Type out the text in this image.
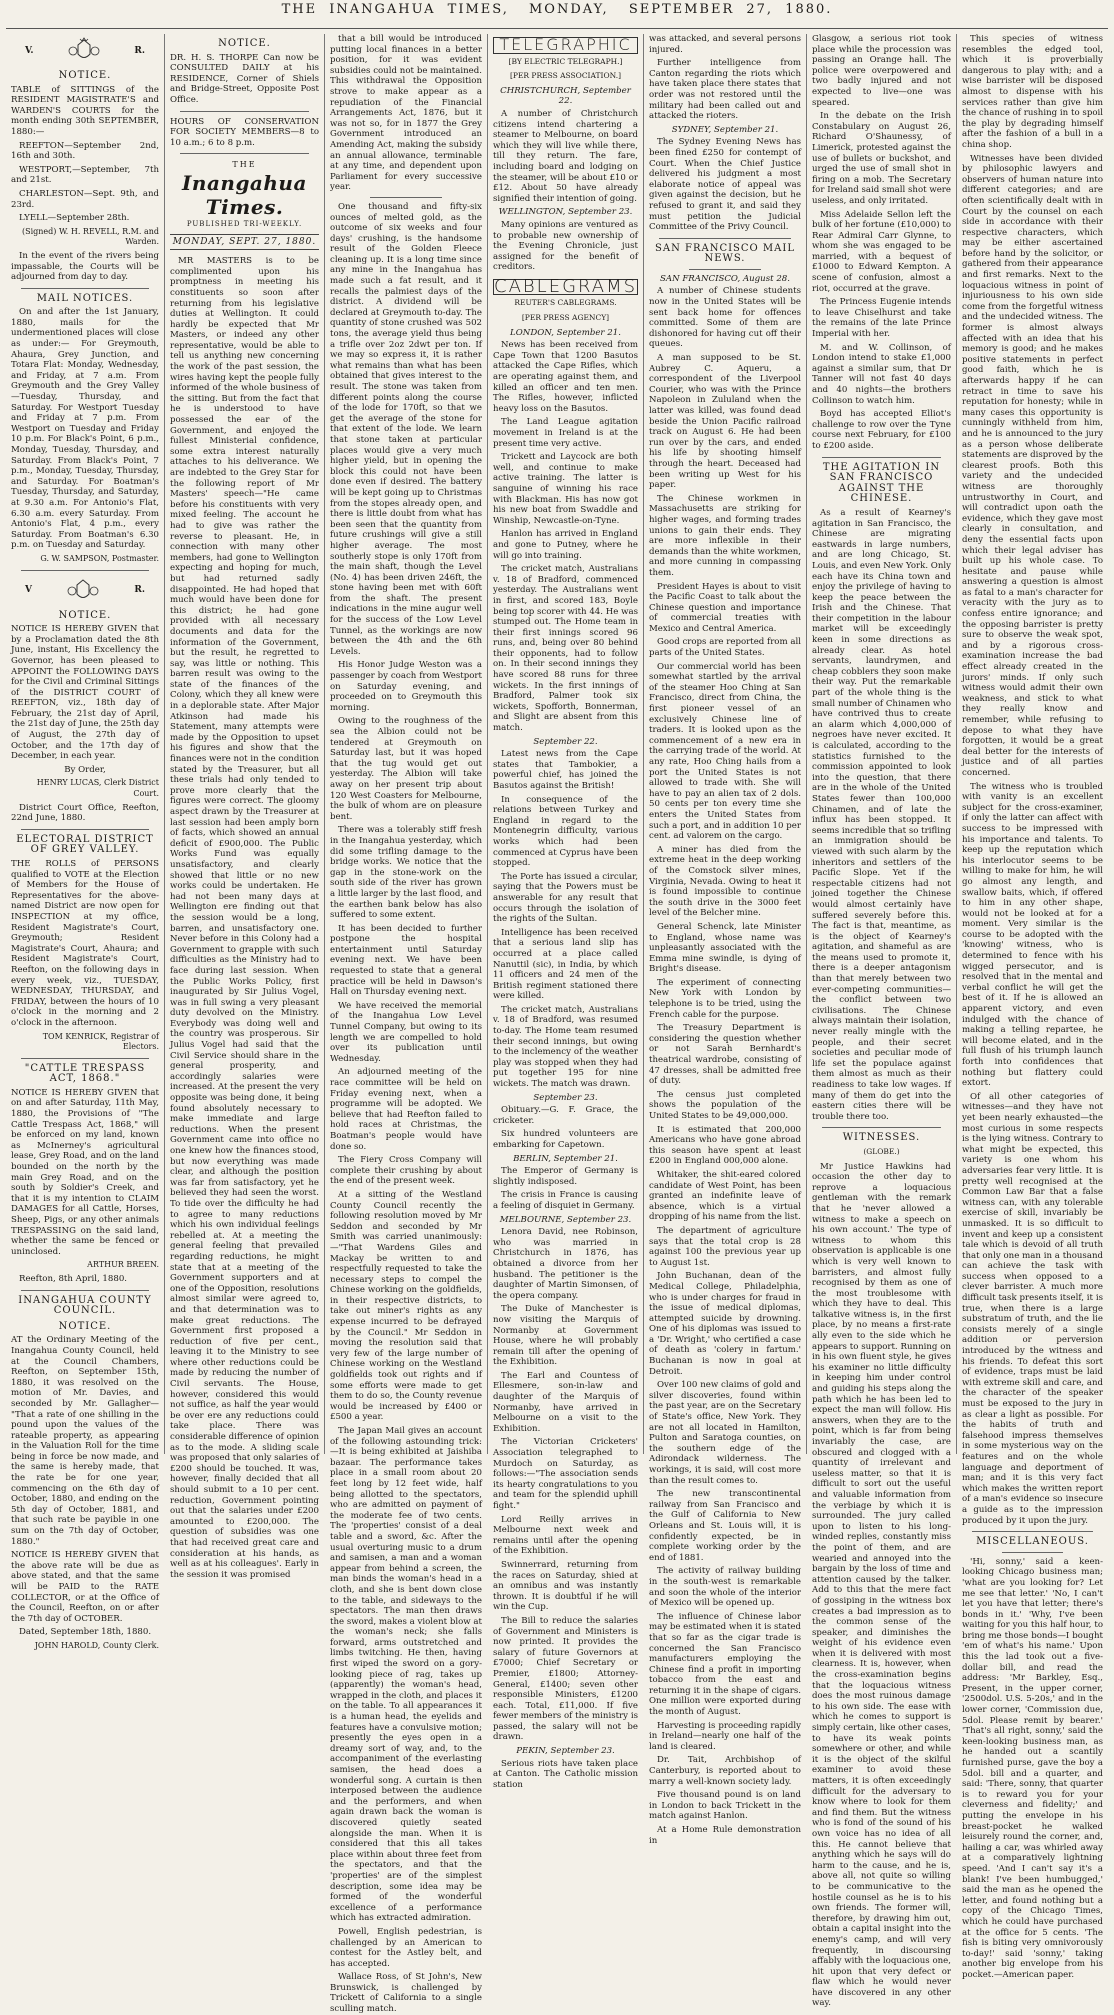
THE INANGAHUA TIMES, MONDAY, SEPTEMBER 27, 1880.
V.	R.
NOTICE.

TABLE of SITTINGS of the RESIDENT MAGISTRATE'S and WARDEN'S COURTS for the month ending 30th SEPTEMBER, 1880:—

REEFTON—September 2nd, 16th and 30th.

WESTPORT,—September, 7th and 21st.

CHARLESTON—Sept. 9th, and 23rd.

LYELL—September 28th.

(Signed) W. H. REVELL, R.M. and Warden.

In the event of the rivers being impassable, the Courts will be adjourned from day to day.

MAIL NOTICES.

On and after the 1st January, 1880, mails for the undermentioned places will close as under:— For Greymouth, Ahaura, Grey Junction, and Totara Flat: Monday, Wednesday, and Friday, at 7 a.m. From Greymouth and the Grey Valley —Tuesday, Thursday, and Saturday. For Westport Tuesday and Friday at 7 p.m. From Westport on Tuesday and Friday 10 p.m. For Black's Point, 6 p.m., Monday, Tuesday, Thursday, and Saturday. From Black's Point, 7 p.m., Monday, Tuesday, Thursday, and Saturday. For Boatman's Tuesday, Thursday, and Saturday, at 9.30 a.m. For Antonio's Flat, 6.30 a.m. every Saturday. From Antonio's Flat, 4 p.m., every Saturday. From Boatman's 6.30 p.m. on Tuesday and Saturday.

G. W. SAMPSON, Postmaster.

V	R.
NOTICE.

NOTICE IS HEREBY GIVEN that by a Proclamation dated the 8th June, instant, His Excellency the Governor, has been pleased to APPOINT the FOLLOWING DAYS for the Civil and Criminal Sittings of the DISTRICT COURT of REEFTON, viz., 18th day of February, the 21st day of April, the 21st day of June, the 25th day of August, the 27th day of October, and the 17th day of December, in each year.

By Order,

HENRY LUCAS, Clerk District Court.

District Court Office, Reefton, 22nd June, 1880.

ELECTORAL DISTRICT OF GREY VALLEY.

THE ROLLS of PERSONS qualified to VOTE at the Election of Members for the House of Representatives for the above-named District are now open for INSPECTION at my office, Resident Magistrate's Court, Greymouth; Resident Magistrate's Court, Ahaura; and Resident Magistrate's Court, Reefton, on the following days in every week, viz., TUESDAY, WEDNESDAY, THURSDAY, and FRIDAY, between the hours of 10 o'clock in the morning and 2 o'clock in the afternoon.

TOM KENRICK, Registrar of Electors.

"CATTLE TRESPASS ACT, 1868."

NOTICE IS HEREBY GIVEN that on and after Saturday, 11th May, 1880, the Provisions of "The Cattle Trespass Act, 1868," will be enforced on my land, known as McInerney's agricultural lease, Grey Road, and on the land bounded on the north by the main Grey Road, and on the south by Soldier's Creek, and that it is my intention to CLAIM DAMAGES for all Cattle, Horses, Sheep, Pigs, or any other animals TRESPASSING on the said land, whether the same be fenced or uninclosed.

ARTHUR BREEN.

Reefton, 8th April, 1880.

INANGAHUA COUNTY COUNCIL.
NOTICE.

AT the Ordinary Meeting of the Inangahua County Council, held at the Council Chambers, Reefton, on September 15th, 1880, it was resolved on the motion of Mr. Davies, and seconded by Mr. Gallagher— "That a rate of one shilling in the pound upon the values of the rateable property, as appearing in the Valuation Roll for the time being in force be now made, and the same is hereby made, that the rate be for one year, commencing on the 6th day of October, 1880, and ending on the 5th day of October, 1881, and that such rate be payible in one sum on the 7th day of October, 1880."

NOTICE IS HEREBY GIVEN that the above rate will be due as above stated, and that the same will be PAID to the RATE COLLECTOR, or at the Office of the Council, Reefton, on or after the 7th day of OCTOBER.

Dated, September 18th, 1880.

JOHN HAROLD, County Clerk.

NOTICE.

DR. H. S. THORPE Can now be CONSULTED DAILY at his RESIDENCE, Corner of Shiels and Bridge-Street, Opposite Post Office.

HOURS OF CONSERVATION FOR SOCIETY MEMBERS—8 to 10 a.m.; 6 to 8 p.m.

THE
Inangahua Times.
PUBLISHED TRI-WEEKLY.
MONDAY, SEPT. 27, 1880.

MR MASTERS is to be complimented upon his promptness in meeting his constituents so soon after returning from his legislative duties at Wellington. It could hardly be expected that Mr Masters, or indeed any other representative, would be able to tell us anything new concerning the work of the past session, the wires having kept the people fully informed of the whole business of the sitting. But from the fact that he is understood to have possessed the ear of the Government, and enjoyed the fullest Ministerial confidence, some extra interest naturally attaches to his deliverance. We are indebted to the Grey Star for the following report of Mr Masters' speech—"He came before his constituents with very mixed feeling. The account he had to give was rather the reverse to pleasant. He, in connection with many other members, had gone to Wellington expecting and hoping for much, but had returned sadly disappointed. He had hoped that much would have been done for this district; he had gone provided with all necessary documents and data for the information of the Government, but the result, he regretted to say, was little or nothing. This barren result was owing to the state of the finances of the Colony, which they all knew were in a deplorable state. After Major Atkinson had made his Statement, many attempts were made by the Opposition to upset his figures and show that the finances were not in the condition stated by the Treasurer, but all these trials had only tended to prove more clearly that the figures were correct. The gloomy aspect drawn by the Treasurer at last session had been amply born of facts, which showed an annual deficit of £900,000. The Public Works Fund was equally unsatisfactory, and clearly showed that little or no new works could be undertaken. He had not been many days at Wellington ere finding out that the session would be a long, barren, and unsatisfactory one. Never before in this Colony had a Government to grapple with such difficulties as the Ministry had to face during last session. When the Public Works Policy, first inaugurated by Sir Julius Vogel, was in full swing a very pleasant duty devolved on the Ministry. Everybody was doing well and the country was prosperous. Sir Julius Vogel had said that the Civil Service should share in the general prosperity, and accordingly salaries were increased. At the present the very opposite was being done, it being found absolutely necessary to make immediate and large reductions. When the present Government came into office no one knew how the finances stood, but now everything was made clear, and although the position was far from satisfactory, yet he believed they had seen the worst. To tide over the difficulty he had to agree to many reductions which his own individual feelings rebelled at. At a meeting the general feeling that prevailed regarding reductions, he might state that at a meeting of the Government supporters and at one of the Opposition, resolutions almost similar were agreed to, and that determination was to make great reductions. The Government first proposed a reduction of five per cent., leaving it to the Ministry to see where other reductions could be made by reducing the number of Civil servants. The House, however, considered this would not suffice, as half the year would be over ere any reductions could take place. There was considerable difference of opinion as to the mode. A sliding scale was proposed that only salaries of £200 should be touched. It was, however, finally decided that all should submit to a 10 per cent. reduction, Government pointing out that the salaries under £200 amounted to £200,000. The question of subsidies was one that had received great care and consideration at his hands, as well as at his colleagues'. Early in the session it was promised

that a bill would be introduced putting local finances in a better position, for it was evident subsidies could not be maintained. This withdrawal the Opposition strove to make appear as a repudiation of the Financial Arrangements Act, 1876, but it was not so, for in 1877 the Grey Government introduced an Amending Act, making the subsidy an annual allowance, terminable at any time, and dependent upon Parliament for every successive year.

One thousand and fifty-six ounces of melted gold, as the outcome of six weeks and four days' crushing, is the handsome result of the Golden Fleece cleaning up. It is a long time since any mine in the Inangahua has made such a fat result, and it recalls the palmiest days of the district. A dividend will be declared at Greymouth to-day. The quantity of stone crushed was 502 tons, the average yield thus being a trifle over 2oz 2dwt per ton. If we may so express it, it is rather what remains than what has been obtained that gives interest to the result. The stone was taken from different points along the course of the lode for 170ft, so that we get the average of the stone for that extent of the lode. We learn that stone taken at particular places would give a very much higher yield, but in opening the block this could not have been done even if desired. The battery will be kept going up to Christmas from the stopes already open, and there is little doubt from what has been seen that the quantity from future crushings will give a still higher average. The most southerly stope is only 170ft from the main shaft, though the Level (No. 4) has been driven 246ft, the stone having been met with 60ft from the shaft. The present indications in the mine augur well for the success of the Low Level Tunnel, as the workings are now between the 4th and the 6th Levels.

His Honor Judge Weston was a passenger by coach from Westport on Saturday evening, and proceeded on to Greymouth this morning.

Owing to the roughness of the sea the Albion could not be tendered at Greymouth on Saturday last, but it was hoped that the tug would get out yesterday. The Albion will take away on her present trip about 120 West Coasters for Melbourne, the bulk of whom are on pleasure bent.

There was a tolerably stiff fresh in the Inangahua yesterday, which did some trifling damage to the bridge works. We notice that the gap in the stone-work on the south side of the river has grown a little larger by the last flood, and the earthen bank below has also suffered to some extent.

It has been decided to further postpone the hospital entertainment until Saturday evening next. We have been requested to state that a general practice will be held in Dawson's Hall on Thursday evening next.

We have received the memorial of the Inangahua Low Level Tunnel Company, but owing to its length we are compelled to hold over its publication until Wednesday.

An adjourned meeting of the race committee will be held on Friday evening next, when a programme will be adopted. We believe that had Reefton failed to hold races at Christmas, the Boatman's people would have done so.

The Fiery Cross Company will complete their crushing by about the end of the present week.

At a sitting of the Westland County Council recently the following resolution moved by Mr Seddon and seconded by Mr Smith was carried unanimously:—"That Wardens Giles and Mackay be written to and respectfully requested to take the necessary steps to compel the Chinese working on the goldfields, in their respective districts, to take out miner's rights as any expense incurred to be defrayed by the Council." Mr Seddon in moving the resolution said that very few of the large number of Chinese working on the Westland goldfields took out rights and if some efforts were made to get them to do so, the County revenue would be increased by £400 or £500 a year.

The Japan Mail gives an account of the following astounding trick:—It is being exhibited at Jaishiba bazaar. The performance takes place in a small room about 20 feet long by 12 feet wide, half being allotted to the spectators, who are admitted on payment of the moderate fee of two cents. The 'properties' consist of a deal table and a sword, &c. After the usual overturing music to a drum and samisen, a man and a woman appear from behind a screen, the man binds the woman's head in a cloth, and she is bent down close to the table, and sideways to the spectators. The man then draws the sword, makes a violent blow at the woman's neck; she falls forward, arms outstretched and limbs twitching. He then, having first wiped the sword on a gory-looking piece of rag, takes up (apparently) the woman's head, wrapped in the cloth, and places it on the table. To all appearances it is a human head, the eyelids and features have a convulsive motion; presently the eyes open in a dreamy sort of way, and, to the accompaniment of the everlasting samisen, the head does a wonderful song. A curtain is then interposed between the audience and the performers, and when again drawn back the woman is discovered quietly seated alongside the man. When it is considered that this all takes place within about three feet from the spectators, and that the 'properties' are of the simplest description, some idea may be formed of the wonderful excellence of a performance which has extracted admiration.

Powell, English pedestrian, is challenged by an American to contest for the Astley belt, and has accepted.

Wallace Ross, of St John's, New Brunswick, is challenged by Trickett of California to a single sculling match.

TELEGRAPHIC
[BY ELECTRIC TELEGRAPH.]
[PER PRESS ASSOCIATION.]
CHRISTCHURCH, September 22.

A number of Christchurch citizens intend chartering a steamer to Melbourne, on board which they will live while there, till they return. The fare, including board and lodging on the steamer, will be about £10 or £12. About 50 have already signified their intention of going.

WELLINGTON, September 23.

Many opinions are ventured as to probable new ownership of the Evening Chronicle, just assigned for the benefit of creditors.

CABLEGRAMS
REUTER'S CABLEGRAMS.
[PER PRESS AGENCY]
LONDON, September 21.

News has been received from Cape Town that 1200 Basutos attacked the Cape Rifles, which are operating against them, and killed an officer and ten men. The Rifles, however, inflicted heavy loss on the Basutos.

The Land League agitation movement in Ireland is at the present time very active.

Trickett and Laycock are both well, and continue to make active training. The latter is sanguine of winning his race with Blackman. His has now got his new boat from Swaddle and Winship, Newcastle-on-Tyne.

Hanlon has arrived in England and gone to Putney, where he will go into training.

The cricket match, Australians v. 18 of Bradford, commenced yesterday. The Australians went in first, and scored 183, Boyle being top scorer with 44. He was stumped out. The Home team in their first innings scored 96 runs, and, being over 80 behind their opponents, had to follow on. In their second innings they have scored 88 runs for three wickets. In the first innings of Bradford, Palmer took six wickets, Spofforth, Bonnerman, and Slight are absent from this match.

September 22.

Latest news from the Cape states that Tambokier, a powerful chief, has joined the Basutos against the British!

In consequence of the relations between Turkey and England in regard to the Montenegrin difficulty, various works which had been commenced at Cyprus have been stopped.

The Porte has issued a circular, saying that the Powers must be answerable for any result that occurs through the isolation of the rights of the Sultan.

Intelligence has been received that a serious land slip has occurred at a place called Nanuttil (sic), in India, by which 11 officers and 24 men of the British regiment stationed there were killed.

The cricket match, Australians v. 18 of Bradford, was resumed to-day. The Home team resumed their second innings, but owing to the inclemency of the weather play was stopped when they had put together 195 for nine wickets. The match was drawn.

September 23.

Obituary.—G. F. Grace, the cricketer.

Six hundred volunteers are embarking for Capetown.

BERLIN, September 21.

The Emperor of Germany is slightly indisposed.

The crisis in France is causing a feeling of disquiet in Germany.

MELBOURNE, September 23.

Lenora David, nee Robinson, who was married in Christchurch in 1876, has obtained a divorce from her husband. The petitioner is the daughter of Martin Simonsen, of the opera company.

The Duke of Manchester is now visiting the Marquis of Normanby at Government House, where he will probably remain till after the opening of the Exhibition.

The Earl and Countess of Ellesmere, son-in-law and daughter of the Marquis of Normanby, have arrived in Melbourne on a visit to the Exhibition.

The Victorian Cricketers' Association telegraphed to Murdoch on Saturday, as follows:—"The association sends its hearty congratulations to you and team for the splendid uphill fight."

Lord Reilly arrives in Melbourne next week and remains until after the opening of the Exhibition.

Swinnerrard, returning from the races on Saturday, shied at an omnibus and was instantly thrown. It is doubtful if he will win the Cup.

The Bill to reduce the salaries of Government and Ministers is now printed. It provides the salary of future Governors at £7000; Chief Secretary or Premier, £1800; Attorney-General, £1400; seven other responsible Ministers, £1200 each. Total, £11,000. If five fewer members of the ministry is passed, the salary will not be drawn.

PEKIN, September 23.

Serious riots have taken place at Canton. The Catholic mission station

was attacked, and several persons injured.

Further intelligence from Canton regarding the riots which have taken place there states that order was not restored until the military had been called out and attacked the rioters.

SYDNEY, September 21.

The Sydney Evening News has been fined £250 for contempt of Court. When the Chief Justice delivered his judgment a most elaborate notice of appeal was given against the decision, but he refused to grant it, and said they must petition the Judicial Committee of the Privy Council.

SAN FRANCISCO MAIL NEWS.
SAN FRANCISCO, August 28.

A number of Chinese students now in the United States will be sent back home for offences committed. Some of them are dishonored for having cut off their queues.

A man supposed to be St. Aubrey C. Aqueru, a correspondent of the Liverpool Courier, who was with the Prince Napoleon in Zululand when the latter was killed, was found dead beside the Union Pacific railroad track on August 6. He had been run over by the cars, and ended his life by shooting himself through the heart. Deceased had been writing up West for his paper.

The Chinese workmen in Massachusetts are striking for higher wages, and forming trades unions to gain their ends. They are more inflexible in their demands than the white workmen, and more cunning in compassing them.

President Hayes is about to visit the Pacific Coast to talk about the Chinese question and importance of commercial treaties with Mexico and Central America.

Good crops are reported from all parts of the United States.

Our commercial world has been somewhat startled by the arrival of the steamer Hoo Ching at San Francisco, direct from China, the first pioneer vessel of an exclusively Chinese line of traders. It is looked upon as the commencement of a new era in the carrying trade of the world. At any rate, Hoo Ching hails from a port the United States is not allowed to trade with. She will have to pay an alien tax of 2 dols. 50 cents per ton every time she enters the United States from such a port, and in addition 10 per cent. ad valorem on the cargo.

A miner has died from the extreme heat in the deep working of the Comstock silver mines, Virginia, Nevada. Owing to heat it is found impossible to continue the south drive in the 3000 feet level of the Belcher mine.

General Schenck, late Minister to England, whose name was unpleasantly associated with the Emma mine swindle, is dying of Bright's disease.

The experiment of connecting New York with London by telephone is to be tried, using the French cable for the purpose.

The Treasury Department is considering the question whether or not Sarah Bernhardt's theatrical wardrobe, consisting of 47 dresses, shall be admitted free of duty.

The census just completed shows the population of the United States to be 49,000,000.

It is estimated that 200,000 Americans who have gone abroad this season have spent at least £200 in England 000,000 alone.

Whitaker, the shit-eared colored candidate of West Point, has been granted an indefinite leave of absence, which is a virtual dropping of his name from the list.

The department of agriculture says that the total crop is 28 against 100 the previous year up to August 1st.

John Buchanan, dean of the Medical College, Philadelphia, who is under charges for fraud in the issue of medical diplomas, attempted suicide by drowning. One of his diplomas was issued to a 'Dr. Wright,' who certified a case of death as 'colery in fartum.' Buchanan is now in goal at Detroit.

Over 100 new claims of gold and silver discoveries, found within the past year, are on the Secretary of State's office, New York. They are not all located in Hamilton, Pulton and Saratoga counties, on the southern edge of the Adirondack wilderness. The workings, it is said, will cost more than the result comes to.

The new transcontinental railway from San Francisco and the Gulf of California to New Orleans and St. Louis will, it is confidently expected, be in complete working order by the end of 1881.

The activity of railway building in the south-west is remarkable and soon the whole of the interior of Mexico will be opened up.

The influence of Chinese labor may be estimated when it is stated that so far as the cigar trade is concerned the San Francisco manufacturers employing the Chinese find a profit in importing tobacco from the east and returning it in the shape of cigars. One million were exported during the month of August.

Harvesting is proceeding rapidly in Ireland—nearly one half of the land is cleared.

Dr. Tait, Archbishop of Canterbury, is reported about to marry a well-known society lady.

Five thousand pound is on land in London to back Trickett in the match against Hanlon.

At a Home Rule demonstration in

Glasgow, a serious riot took place while the procession was passing an Orange hall. The police were overpowered and two badly injured and not expected to live—one was speared.

In the debate on the Irish Constabulary on August 26, Richard O'Shaunessy, of Limerick, protested against the use of bullets or buckshot, and urged the use of small shot in firing on a mob. The Secretary for Ireland said small shot were useless, and only irritated.

Miss Adelaide Sellon left the bulk of her fortune (£10,000) to Rear Admiral Carr Glynne, to whom she was engaged to be married, with a bequest of £1000 to Edward Kempton. A scene of confusion, almost a riot, occurred at the grave.

The Princess Eugenie intends to leave Chiselhurst and take the remains of the late Prince Imperial with her.

M. and W. Collinson, of London intend to stake £1,000 against a similar sum, that Dr Tanner will not fast 40 days and 40 nights—the brothers Collinson to watch him.

Boyd has accepted Elliot's challenge to row over the Tyne course next February, for £100 to £200 aside.

THE AGITATION IN SAN FRANCISCO AGAINST THE CHINESE.

As a result of Kearney's agitation in San Francisco, the Chinese are migrating eastwards in large numbers, and are long Chicago, St. Louis, and even New York. Only each have its China town and enjoy the privilege of having to keep the peace between the Irish and the Chinese. That their competition in the labour market will be exceedingly keen in some directions as already clear. As hotel servants, laundrymen, and cheap cobblers they soon make their way. Put the remarkable part of the whole thing is the small number of Chinamen who have contrived thus to create an alarm which 4,000,000 of negroes have never excited. It is calculated, according to the statistics furnished to the commission appointed to look into the question, that there are in the whole of the United States fewer than 100,000 Chinamen, and of late the influx has been stopped. It seems incredible that so trifling an immigration should be viewed with such alarm by the inheritors and settlers of the Pacific Slope. Yet if the respectable citizens had not joined together the Chinese would almost certainly have suffered severely before this. The fact is that, meantime, as is the object of Kearney's agitation, and shameful as are the means used to promote it, there is a deeper antagonism than that merely between two ever-competing communities—the conflict between two civilisations. The Chinese always maintain their isolation, never really mingle with the people, and their secret societies and peculiar mode of life set the populace against them almost as much as their readiness to take low wages. If many of them do get into the eastern cities there will be trouble there too.

WITNESSES.
(GLOBE.)

Mr Justice Hawkins had occasion the other day to reprove a loquacious gentleman with the remark that he 'never allowed a witness to make a speech on his own account.' The type of witness to whom this observation is applicable is one which is very well known to barristers, and almost fully recognised by them as one of the most troublesome with which they have to deal. This talkative witness is, in the first place, by no means a first-rate ally even to the side which he appears to support. Running on in his own fluent style, he gives his examiner no little difficulty in keeping him under control and guiding his steps along the path which he has been led to expect the man will follow. His answers, when they are to the point, which is far from being invariably the case, are obscured and clogged with a quantity of irrelevant and useless matter, so that it is difficult to sort out the useful and valuable information from the verbiage by which it is surrounded. The jury called upon to listen to his long-winded replies, constantly miss the point of them, and are wearied and annoyed into the bargain by the loss of time and attention caused by the talker. Add to this that the mere fact of gossiping in the witness box creates a bad impression as to the common sense of the speaker, and diminishes the weight of his evidence even when it is delivered with most clearness. It is, however, when the cross-examination begins that the loquacious witness does the most ruinous damage to his own side. The ease with which he comes to support is simply certain, like other cases, to have its weak points somewhere or other, and while it is the object of the skilful examiner to avoid these matters, it is often exceedingly difficult for the adversary to know where to look for them and find them. But the witness who is fond of the sound of his own voice has no idea of all this. He cannot believe that anything which he says will do harm to the cause, and he is, above all, not quite so willing to be communicative to the hostile counsel as he is to his own friends. The former will, therefore, by drawing him out, obtain a capital insight into the enemy's camp, and will very frequently, in discoursing affably with the loquacious one, hit upon that very defect or flaw which he would never have discovered in any other way.

This species of witness resembles the edged tool, which it is proverbially dangerous to play with; and a wise barrister will be disposed almost to dispense with his services rather than give him the chance of rushing in to spoil the play by degrading himself after the fashion of a bull in a china shop.

Witnesses have been divided by philosophic lawyers and observers of human nature into different categories; and are often scientifically dealt with in Court by the counsel on each side in accordance with their respective characters, which may be either ascertained before hand by the solicitor, or gathered from their appearance and first remarks. Next to the loquacious witness in point of injuriousness to his own side come from the forgetful witness and the undecided witness. The former is almost always affected with an idea that his memory is good; and he makes positive statements in perfect good faith, which he is afterwards happy if he can retract in time to save his reputation for honesty; while in many cases this opportunity is cunningly withheld from him, and he is announced to the jury as a person whose deliberate statements are disproved by the clearest proofs. Both this variety and the undecided witness are thoroughly untrustworthy in Court, and will contradict upon oath the evidence, which they gave most clearly in consultation, and deny the essential facts upon which their legal adviser has built up his whole case. To hesitate and pause while answering a question is almost as fatal to a man's character for veracity with the jury as to confess entire ignorance; and the opposing barrister is pretty sure to observe the weak spot, and by a rigorous cross-examination increase the bad effect already created in the jurors' minds. If only such witness would admit their own weakness, and stick to what they really know and remember, while refusing to depose to what they have forgotten, it would be a great deal better for the interests of justice and of all parties concerned.

The witness who is troubled with vanity is an excellent subject for the cross-examiner, if only the latter can affect with success to be impressed with his importance and talents. To keep up the reputation which his interlocutor seems to be willing to make for him, he will go almost any length, and swallow baits, which, if offered to him in any other shape, would not be looked at for a moment. Very similar is the course to be adopted with the 'knowing' witness, who is determined to fence with his wigged persecutor, and is resolved that in the mental and verbal conflict he will get the best of it. If he is allowed an apparent victory, and even indulged with the chance of making a telling repartee, he will become elated, and in the full flush of his triumph launch forth into confidences that nothing but flattery could extort.

Of all other categories of witnesses—and they have not yet been nearly exhausted—the most curious in some respects is the lying witness. Contrary to what might be expected, this variety is one whom his adversaries fear very little. It is pretty well recognised at the Common Law Bar that a false witness can, with any tolerable exercise of skill, invariably be unmasked. It is so difficult to invent and keep up a consistent tale which is devoid of all truth that only one man in a thousand can achieve the task with success when opposed to a clever barrister. A much more difficult task presents itself, it is true, when there is a large substratum of truth, and the lie consists merely of a single addition or perversion introduced by the witness and his friends. To defeat this sort of evidence, traps must be laid with extreme skill and care, and the character of the speaker must be exposed to the jury in as clear a light as possible. For the habits of truth and falsehood impress themselves in some mysterious way on the features and on the whole language and deportment of man; and it is this very fact which makes the written report of a man's evidence so insecure a guide as to the impression produced by it upon the jury.

MISCELLANEOUS.

'Hi, sonny,' said a keen-looking Chicago business man; 'what are you looking for? Let me see that letter.' 'No, I can't let you have that letter; there's bonds in it.' 'Why, I've been waiting for you this half hour, to bring me those bonds—I bought 'em of what's his name.' Upon this the lad took out a five-dollar bill, and read the address: 'Mr Barkley, Esq., Present, in the upper corner, '2500dol. U.S. 5-20s,' and in the lower corner, 'Commission due, 5dol. Please remit by bearer.' 'That's all right, sonny,' said the keen-looking business man, as he handed out a scantily furnished purse, gave the boy a 5dol. bill and a quarter, and said: 'There, sonny, that quarter is to reward you for your cleverness and fidelity;' and putting the envelope in his breast-pocket he walked leisurely round the corner, and, hailing a car, was whirled away at a comparatively lightning speed. 'And I can't say it's a blank! I've been humbugged,' said the man as he opened the letter, and found nothing but a copy of the Chicago Times, which he could have purchased at the office for 5 cents. 'The fish is biting very omnivorously to-day!' said 'sonny,' taking another big envelope from his pocket.—American paper.
